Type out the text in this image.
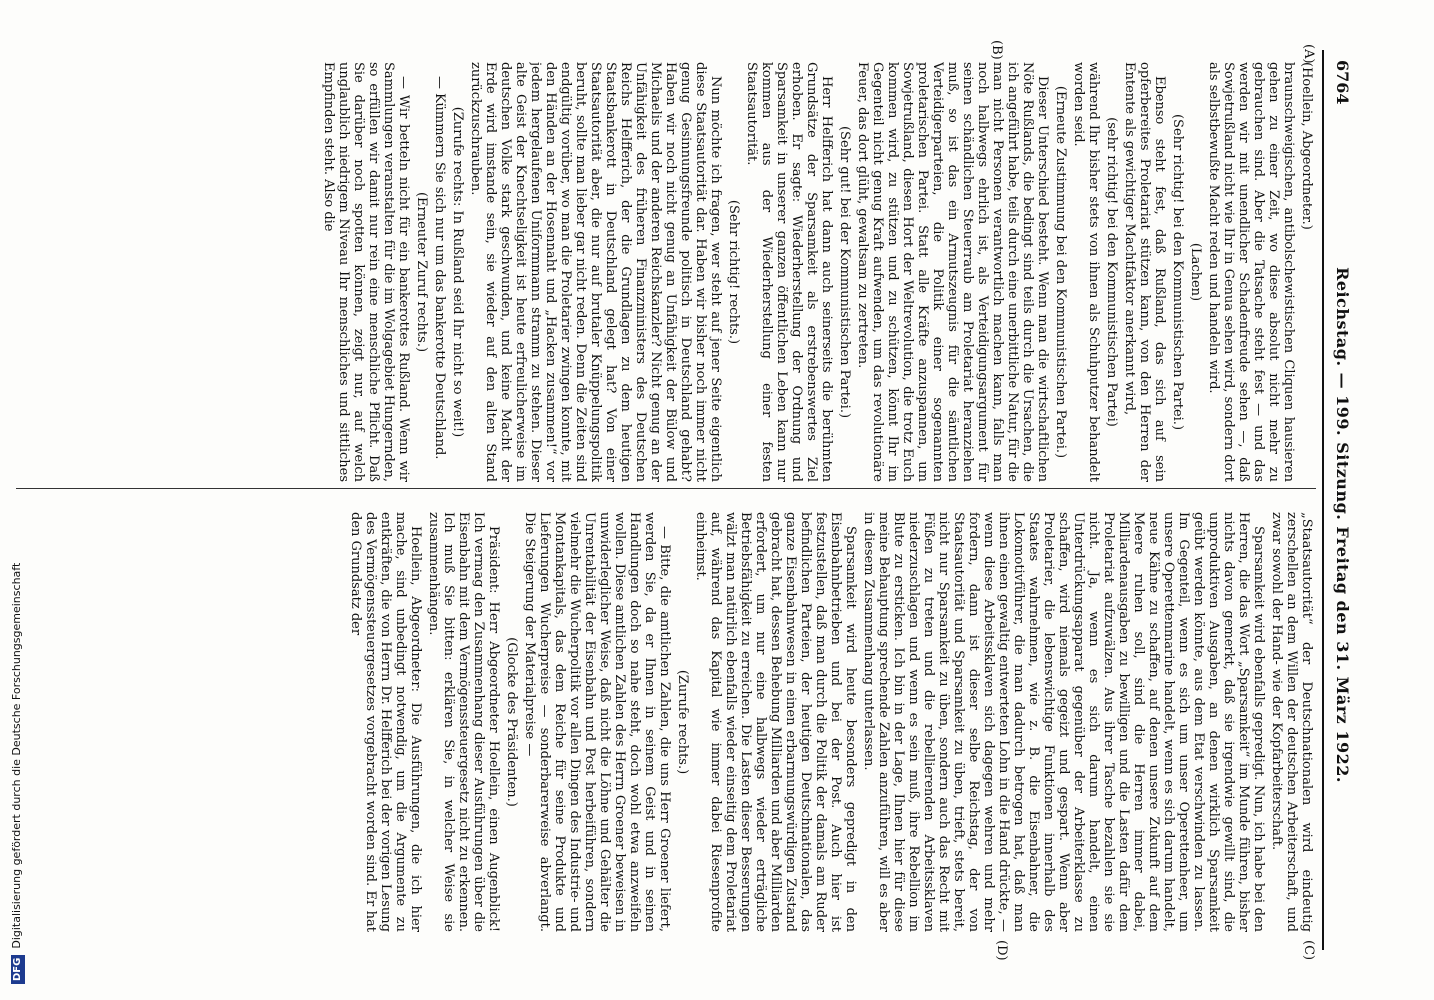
6764
Reichstag. — 199. Sitzung. Freitag den 31. März 1922.
(A)
(B)
(C)
(D)

(Hoellein, Abgeordneter.)

braunschweigischen, antibolschewistischen Cliquen hausieren gehen zu einer Zeit, wo diese absolut nicht mehr zu gebrauchen sind. Aber die Tatsache steht fest — und das werden wir mit unendlicher Schadenfreude sehen —, daß Sowjetrußland nicht wie Ihr in Genua sehen wird, sondern dort als selbstbewußte Macht reden und handeln wird.

(Lachen)

(Sehr richtig! bei den Kommunistischen Partei.)

Ebenso steht fest, daß Rußland, das sich auf sein opferbereites Proletariat stützen kann, von den Herren der Entente als gewichtiger Machtfaktor anerkannt wird,

(sehr richtig! bei den Kommunistischen Partei)

während Ihr bisher stets von ihnen als Schuhputzer behandelt worden seid.

(Erneute Zustimmung bei den Kommunistischen Partei.)

Dieser Unterschied besteht. Wenn man die wirtschaftlichen Nöte Rußlands, die bedingt sind teils durch die Ursachen, die ich angeführt habe, teils durch eine unerbittliche Natur, für die man nicht Personen verantwortlich machen kann, falls man noch halbwegs ehrlich ist, als Verteidigungsargument für seinen schändlichen Steuerraub am Proletariat heranziehen muß, so ist das ein Armutszeugnis für die sämtlichen Verteidigerparteien, die Politik einer sogenannten proletarischen Partei. Statt alle Kräfte anzuspannen, um Sowjetrußland, diesen Hort der Weltrevolution, die trotz Euch kommen wird, zu stützen und zu schützen, könnt Ihr im Gegenteil nicht genug Kraft aufwenden, um das revolutionäre Feuer, das dort glüht, gewaltsam zu zertreten.

(Sehr gut! bei der Kommunistischen Partei.)

Herr Helfferich hat dann auch seinerseits die berühmten Grundsätze der Sparsamkeit als erstrebenswertes Ziel erhoben. Er sagte: Wiederherstellung der Ordnung und Sparsamkeit in unserer ganzen öffentlichen Leben kann nur kommen aus der Wiederherstellung einer festen Staatsautorität.

(Sehr richtig! rechts.)

Nun möchte ich fragen, wer steht auf jener Seite eigentlich diese Staatsautorität dar. Haben wir bisher noch immer nicht genug Gesinnungsfreunde politisch in Deutschland gehabt? Haben wir noch nicht genug an Unfähigkeit der Bülow und Michaelis und der anderen Reichskanzler? Nicht genug an der Unfähigkeit des früheren Finanzministers des Deutschen Reichs Helfferich, der die Grundlagen zu dem heutigen Staatsbankerott in Deutschland gelegt hat? Von einer Staatsautorität aber, die nur auf brutaler Knüppelungspolitik beruht, sollte man lieber gar nicht reden. Denn die Zeiten sind endgültig vorüber, wo man die Proletarier zwingen konnte, mit den Händen an der Hosennaht und „Hacken zusammen!“ vor jedem hergelaufenen Uniformmann stramm zu stehen. Dieser alte Geist der Knechtseligkeit ist heute erfreulicherweise im deutschen Volke stark geschwunden, und keine Macht der Erde wird imstande sein, sie wieder auf den alten Stand zurückzuschrauben.

(Zurufe rechts: In Rußland seid Ihr nicht so weit!)

— Kümmern Sie sich nur um das bankerotte Deutschland.

(Erneuter Zuruf rechts.)

— Wir betteln nicht für ein bankerottes Rußland. Wenn wir Sammlungen veranstalten für die im Wolgagebiet Hungernden, so erfüllen wir damit nur rein eine menschliche Pflicht. Daß Sie darüber noch spotten können, zeigt nur, auf welch unglaublich niedrigem Niveau Ihr menschliches und sittliches Empfinden steht. Also die

„Staatsautorität“ der Deutschnationalen wird eindeutig zerschellen an dem Willen der deutschen Arbeiterschaft, und zwar sowohl der Hand- wie der Kopfarbeiterschaft.

Sparsamkeit wird ebenfalls gepredigt. Nun, ich habe bei den Herren, die das Wort „Sparsamkeit“ im Munde führen, bisher nichts davon gemerkt, daß sie irgendwie gewillt sind, die unproduktiven Ausgaben, an denen wirklich Sparsamkeit geübt werden könnte, aus dem Etat verschwinden zu lassen. Im Gegenteil, wenn es sich um unser Operettenheer, um unsere Operettenmarine handelt, wenn es sich darum handelt, neue Kähne zu schaffen, auf denen unsere Zukunft auf dem Meere ruhen soll, sind die Herren immer dabei, Milliardenausgaben zu bewilligen und die Lasten dafür dem Proletariat aufzuwälzen. Aus ihrer Tasche bezahlen sie sie nicht. Ja, wenn es sich darum handelt, einen Unterdrückungsapparat gegenüber der Arbeiterklasse zu schaffen, wird niemals gegeizt und gespart. Wenn aber Proletarier, die lebenswichtige Funktionen innerhalb des Staates wahrnehmen, wie z. B. die Eisenbahner, die Lokomotivführer, die man dadurch betrogen hat, daß man ihnen einen gewaltig entwerteten Lohn in die Hand drückte, — wenn diese Arbeitssklaven sich dagegen wehren und mehr fordern, dann ist dieser selbe Reichstag, der von Staatsautorität und Sparsamkeit zu üben, trieft, stets bereit, nicht nur Sparsamkeit zu üben, sondern auch das Recht mit Füßen zu treten und die rebellierenden Arbeitssklaven niederzuschlagen und wenn es sein muß, ihre Rebellion im Blute zu ersticken. Ich bin in der Lage, Ihnen hier für diese meine Behauptung sprechende Zahlen anzuführen, will es aber in diesem Zusammenhang unterlassen.

Sparsamkeit wird heute besonders gepredigt in den Eisenbahnbetrieben und bei der Post. Auch hier ist festzustellen, daß man durch die Politik der damals am Ruder befindlichen Parteien, der heutigen Deutschnationalen, das ganze Eisenbahnwesen in einen erbarmungswürdigen Zustand gebracht hat, dessen Behebung Milliarden und aber Milliarden erfordert, um nur eine halbwegs wieder erträgliche Betriebsfähigkeit zu erreichen. Die Lasten dieser Besserungen wälzt man natürlich ebenfalls wieder einseitig dem Proletariat auf, während das Kapital wie immer dabei Riesenprofite einheimst.

(Zurufe rechts.)

— Bitte, die amtlichen Zahlen, die uns Herr Groener liefert, werden Sie, da er Ihnen in seinem Geist und in seinen Handlungen doch so nahe steht, doch wohl etwa anzweifeln wollen. Diese amtlichen Zahlen des Herrn Groener beweisen in unwiderleglicher Weise, daß nicht die Löhne und Gehälter die Unrentabilität der Eisenbahn und Post herbeiführen, sondern vielmehr die Wucherpolitik vor allen Dingen des Industrie- und Montankapitals, das dem Reiche für seine Produkte und Lieferungen Wucherpreise — sonderbarerweise abverlangt. Die Steigerung der Materialpreise —

(Glocke des Präsidenten.)

Präsident: Herr Abgeordneter Hoellein, einen Augenblick! Ich vermag den Zusammenhang dieser Ausführungen über die Eisenbahn mit dem Vermögenssteuergesetz nicht zu erkennen. Ich muß Sie bitten: erklären Sie, in welcher Weise sie zusammenhängen.

Hoellein, Abgeordneter: Die Ausführungen, die ich hier mache, sind unbedingt notwendig, um die Argumente zu entkräften, die von Herrn Dr. Helfferich bei der vorigen Lesung des Vermögenssteuergesetzes vorgebracht worden sind. Er hat den Grundsatz der

DFGDigitalisierung gefördert durch die Deutsche Forschungsgemeinschaft
